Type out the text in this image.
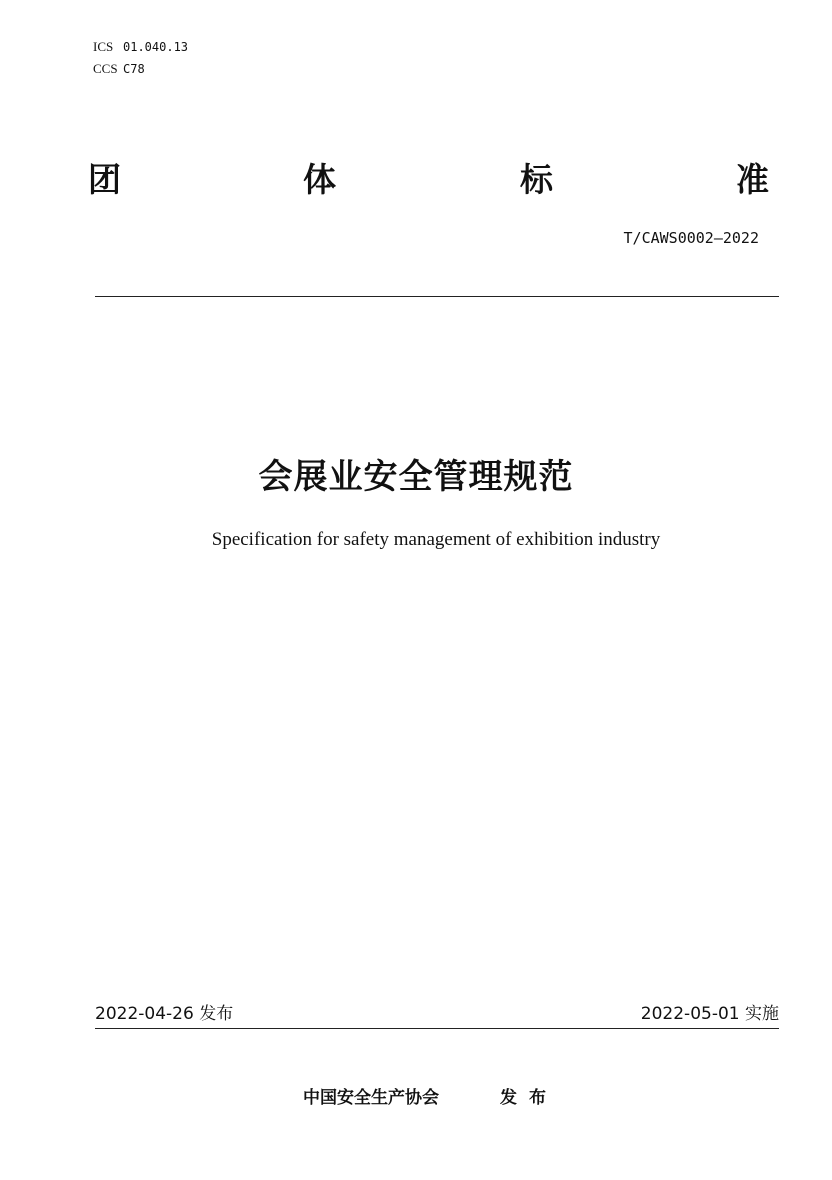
ICS 01.040.13
CCS C78
团	体	标	准
T/CAWS0002—2022
会展业安全管理规范
Specification for safety management of exhibition industry
2022-04-26 发布	2022-05-01 实施
中国安全生产协会	发布
